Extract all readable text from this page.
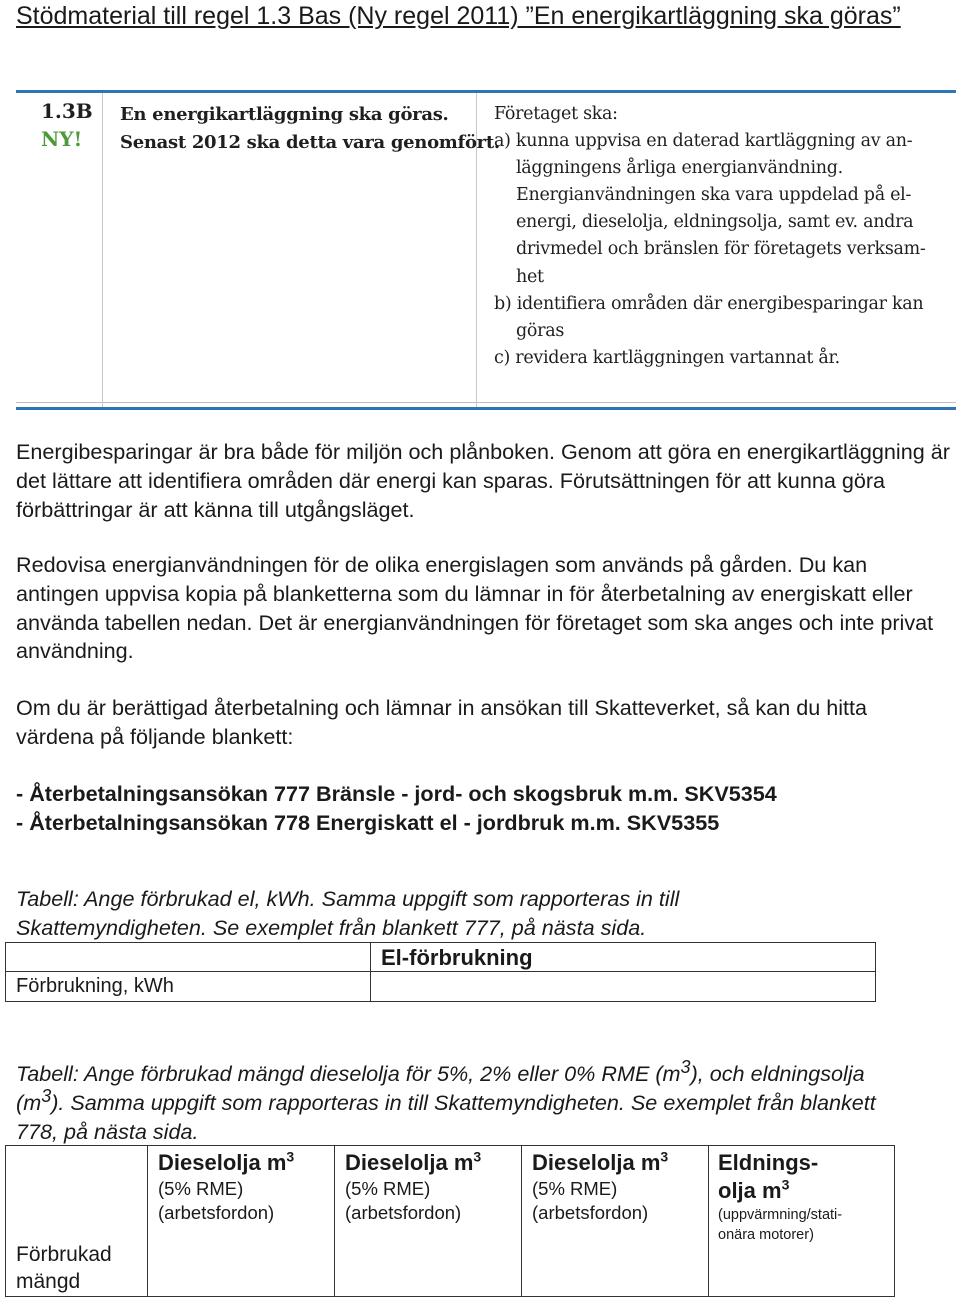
Stödmaterial till regel 1.3 Bas (Ny regel 2011) ”En energikartläggning ska göras”
1.3B
NY!
En energikartläggning ska göras.
Senast 2012 ska detta vara genomfört.
Företaget ska:
a) kunna uppvisa en daterad kartläggning av an-
läggningens årliga energianvändning.
Energianvändningen ska vara uppdelad på el-
energi, dieselolja, eldningsolja, samt ev. andra
drivmedel och bränslen för företagets verksam-
het
b) identifiera områden där energibesparingar kan
göras
c) revidera kartläggningen vartannat år.
Energibesparingar är bra både för miljön och plånboken. Genom att göra en energikartläggning är det lättare att identifiera områden där energi kan sparas. Förutsättningen för att kunna göra förbättringar är att känna till utgångsläget.
Redovisa energianvändningen för de olika energislagen som används på gården. Du kan antingen uppvisa kopia på blanketterna som du lämnar in för återbetalning av energiskatt eller använda tabellen nedan. Det är energianvändningen för företaget som ska anges och inte privat användning.
Om du är berättigad återbetalning och lämnar in ansökan till Skatteverket, så kan du hitta värdena på följande blankett:
- Återbetalningsansökan 777 Bränsle - jord- och skogsbruk m.m. SKV5354
- Återbetalningsansökan 778 Energiskatt el - jordbruk m.m. SKV5355
Tabell: Ange förbrukad el, kWh. Samma uppgift som rapporteras in till Skattemyndigheten. Se exemplet från blankett 777, på nästa sida.
El-förbrukning
Förbrukning, kWh
Tabell: Ange förbrukad mängd dieselolja för 5%, 2% eller 0% RME $(m^3)$, och eldningsolja $(m^3)$. Samma uppgift som rapporteras in till Skattemyndigheten. Se exemplet från blankett 778, på nästa sida.
Dieselolja $m^3$
(5% RME)
(arbetsfordon)
Dieselolja $m^3$
(5% RME)
(arbetsfordon)
Dieselolja $m^3$
(5% RME)
(arbetsfordon)
Eldnings-
olja $m^3$
(uppvärmning/stati-
onära motorer)
Förbrukad
mängd
